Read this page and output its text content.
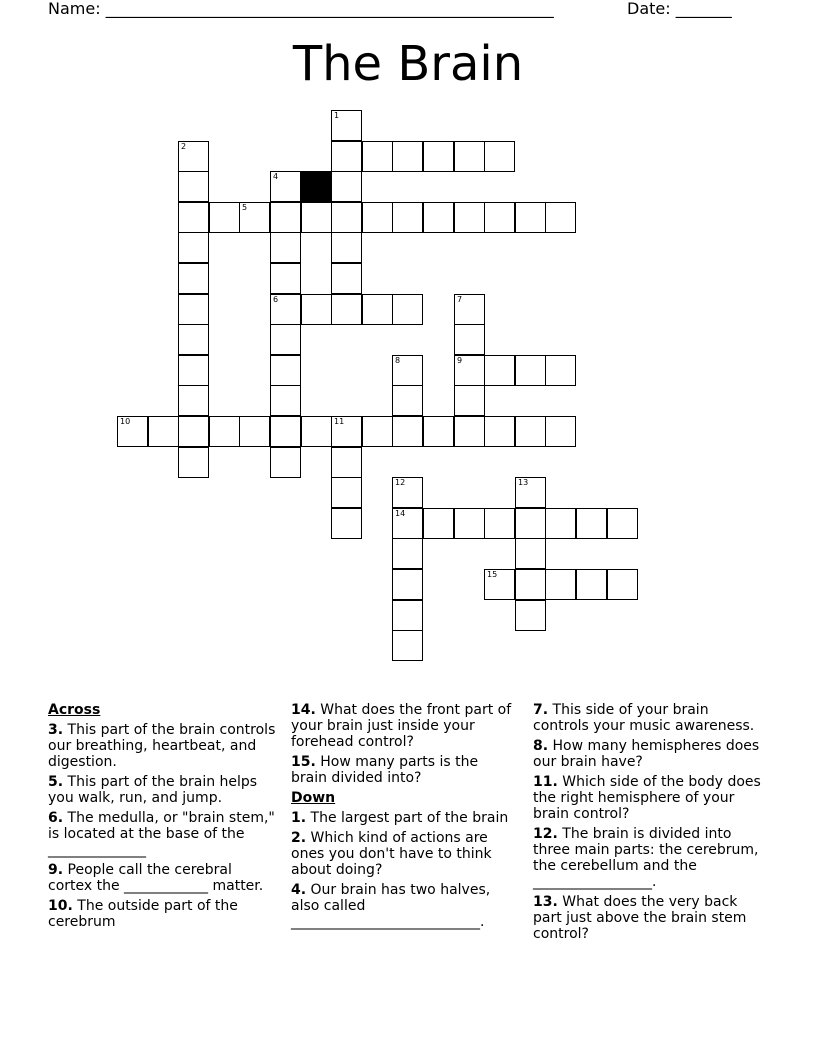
Name: ________________________________________________________	Date: _______
The Brain
1
2
5
4
6	7
9
8
10	11
12
14
13
15
Across
3. This part of the brain controls our breathing, heartbeat, and digestion.
5. This part of the brain helps you walk, run, and jump.
6. The medulla, or "brain stem," is located at the base of the ______________
9. People call the cerebral cortex the ____________ matter.
10. The outside part of the cerebrum
14. What does the front part of your brain just inside your forehead control?
15. How many parts is the brain divided into?
Down
1. The largest part of the brain
2. Which kind of actions are ones you don't have to think about doing?
4. Our brain has two halves, also called ___________________________.
7. This side of your brain controls your music awareness.
8. How many hemispheres does our brain have?
11. Which side of the body does the right hemisphere of your brain control?
12. The brain is divided into three main parts: the cerebrum, the cerebellum and the _________________.
13. What does the very back part just above the brain stem control?
